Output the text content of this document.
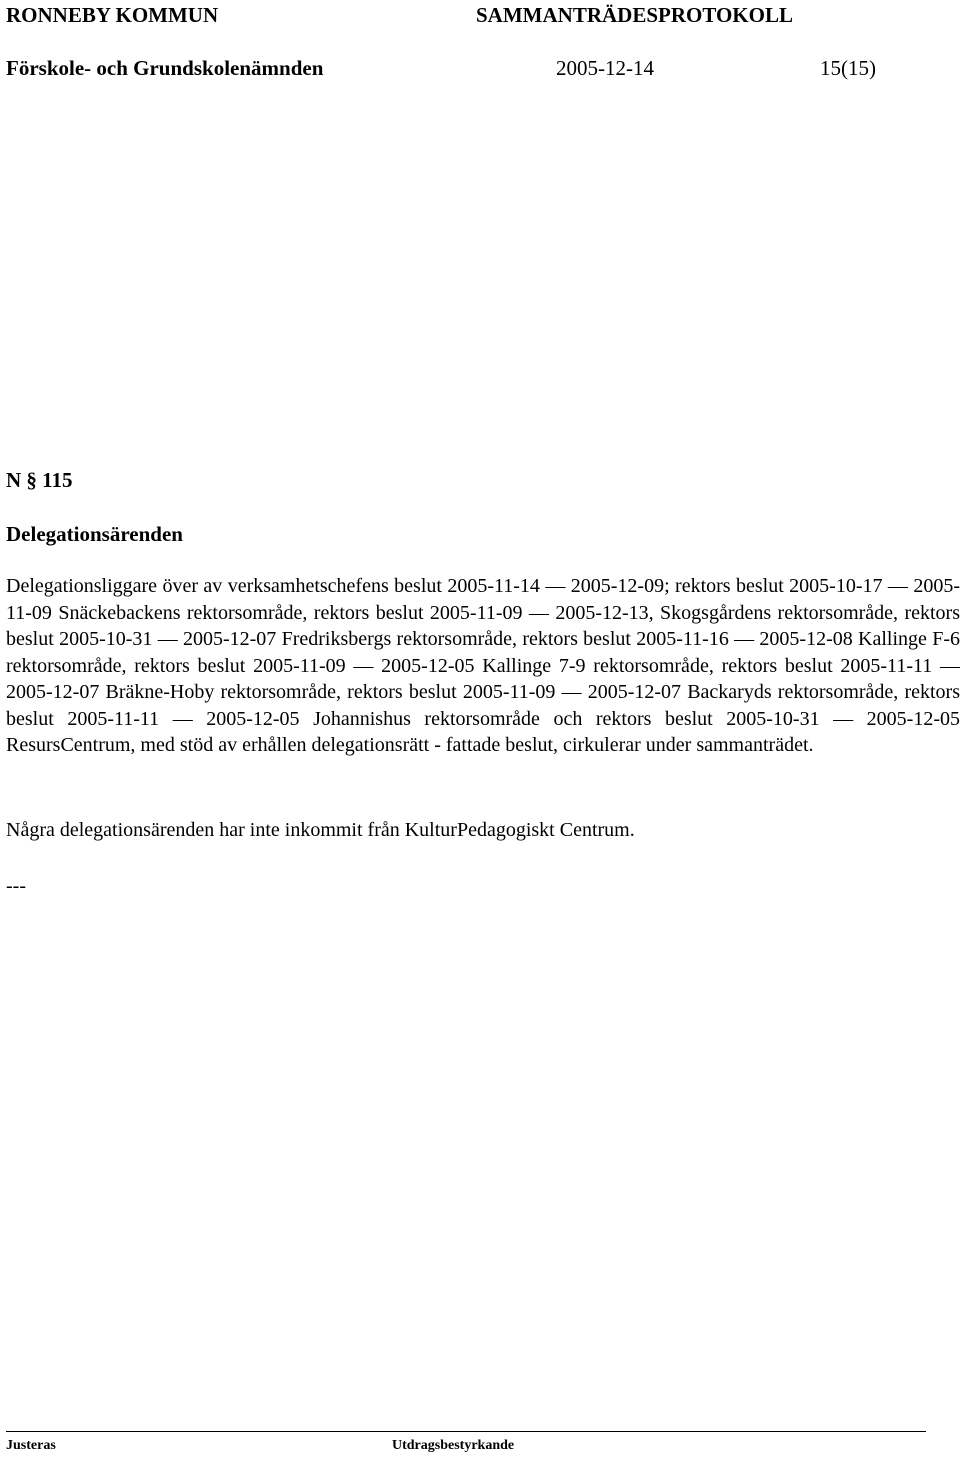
RONNEBY KOMMUN	SAMMANTRÄDESPROTOKOLL
Förskole- och Grundskolenämnden	2005-12-14	15(15)
N § 115
Delegationsärenden

Delegationsliggare över av verksamhetschefens beslut 2005-11-14 — 2005-12-09; rektors beslut 2005-10-17 — 2005-11-09 Snäckebackens rektorsområde, rektors beslut 2005-11-09 — 2005-12-13, Skogsgårdens rektorsområde, rektors beslut 2005-10-31 — 2005-12-07 Fredriksbergs rektorsområde, rektors beslut 2005-11-16 — 2005-12-08 Kallinge F-6 rektorsområde, rektors beslut 2005-11-09 — 2005-12-05 Kallinge 7-9 rektorsområde, rektors beslut 2005-11-11 — 2005-12-07 Bräkne-Hoby rektorsområde, rektors beslut 2005-11-09 — 2005-12-07 Backaryds rektorsområde, rektors beslut 2005-11-11 — 2005-12-05 Johannishus rektorsområde och rektors beslut 2005-10-31 — 2005-12-05 ResursCentrum, med stöd av erhållen delegationsrätt - fattade beslut, cirkulerar under sammanträdet.

Några delegationsärenden har inte inkommit från KulturPedagogiskt Centrum.

---
Justeras	Utdragsbestyrkande
